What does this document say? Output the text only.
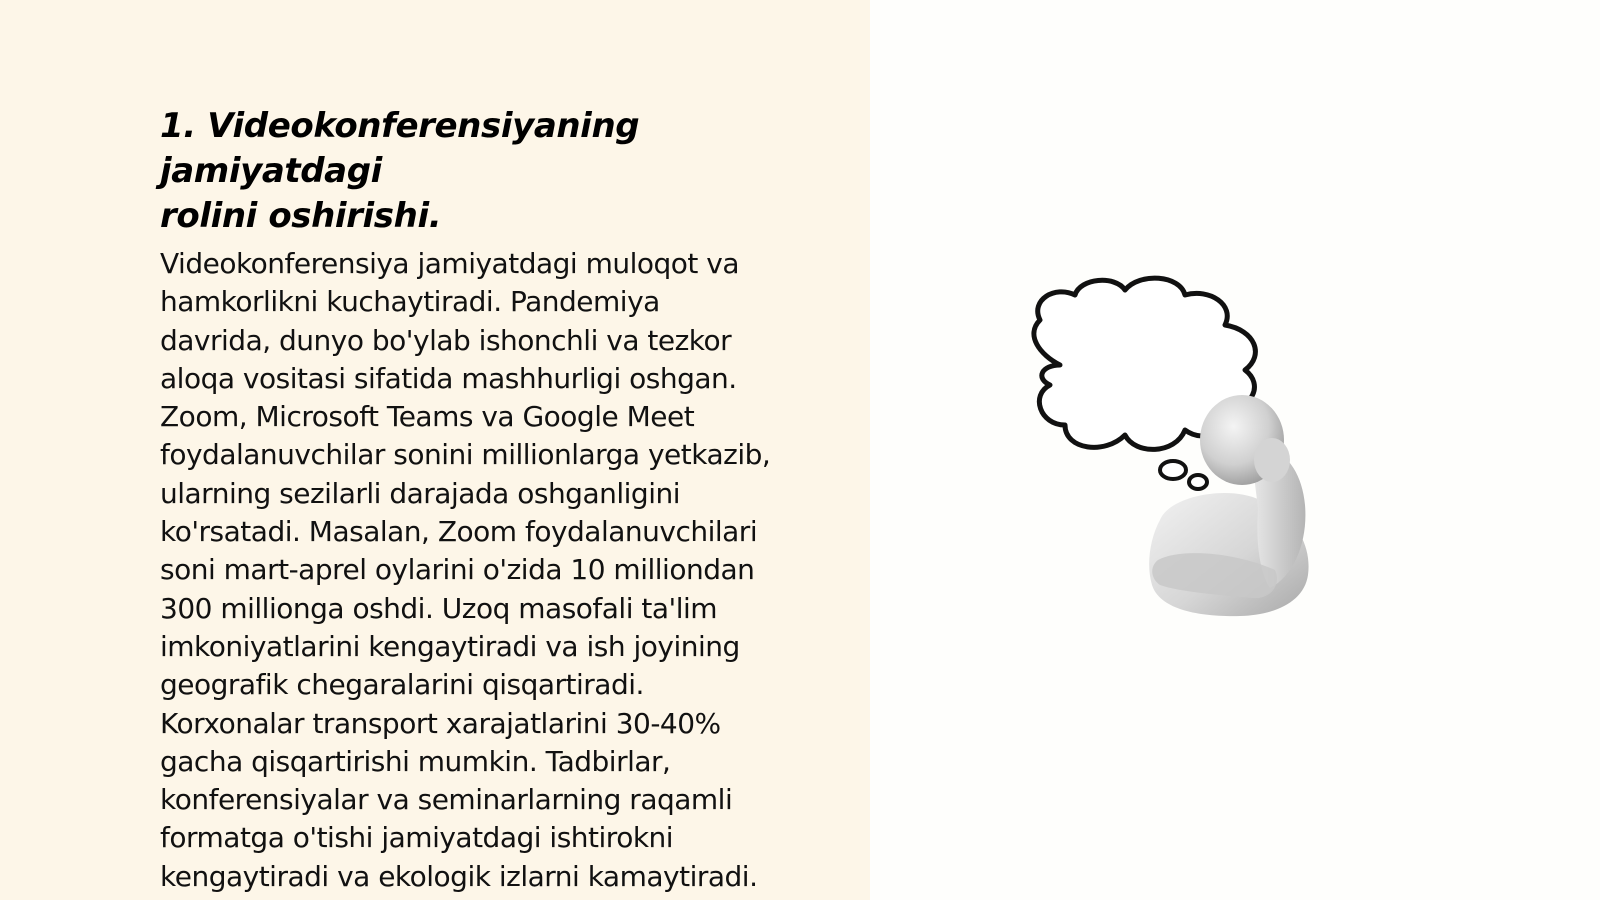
1. Videokonferensiyaning jamiyatdagi
rolini oshirishi.

Videokonferensiya jamiyatdagi muloqot va
hamkorlikni kuchaytiradi. Pandemiya
davrida, dunyo bo'ylab ishonchli va tezkor
aloqa vositasi sifatida mashhurligi oshgan.
Zoom, Microsoft Teams va Google Meet
foydalanuvchilar sonini millionlarga yetkazib,
ularning sezilarli darajada oshganligini
ko'rsatadi. Masalan, Zoom foydalanuvchilari
soni mart-aprel oylarini o'zida 10 milliondan
300 millionga oshdi. Uzoq masofali ta'lim
imkoniyatlarini kengaytiradi va ish joyining
geografik chegaralarini qisqartiradi.
Korxonalar transport xarajatlarini 30-40%
gacha qisqartirishi mumkin. Tadbirlar,
konferensiyalar va seminarlarning raqamli
formatga o'tishi jamiyatdagi ishtirokni
kengaytiradi va ekologik izlarni kamaytiradi.
